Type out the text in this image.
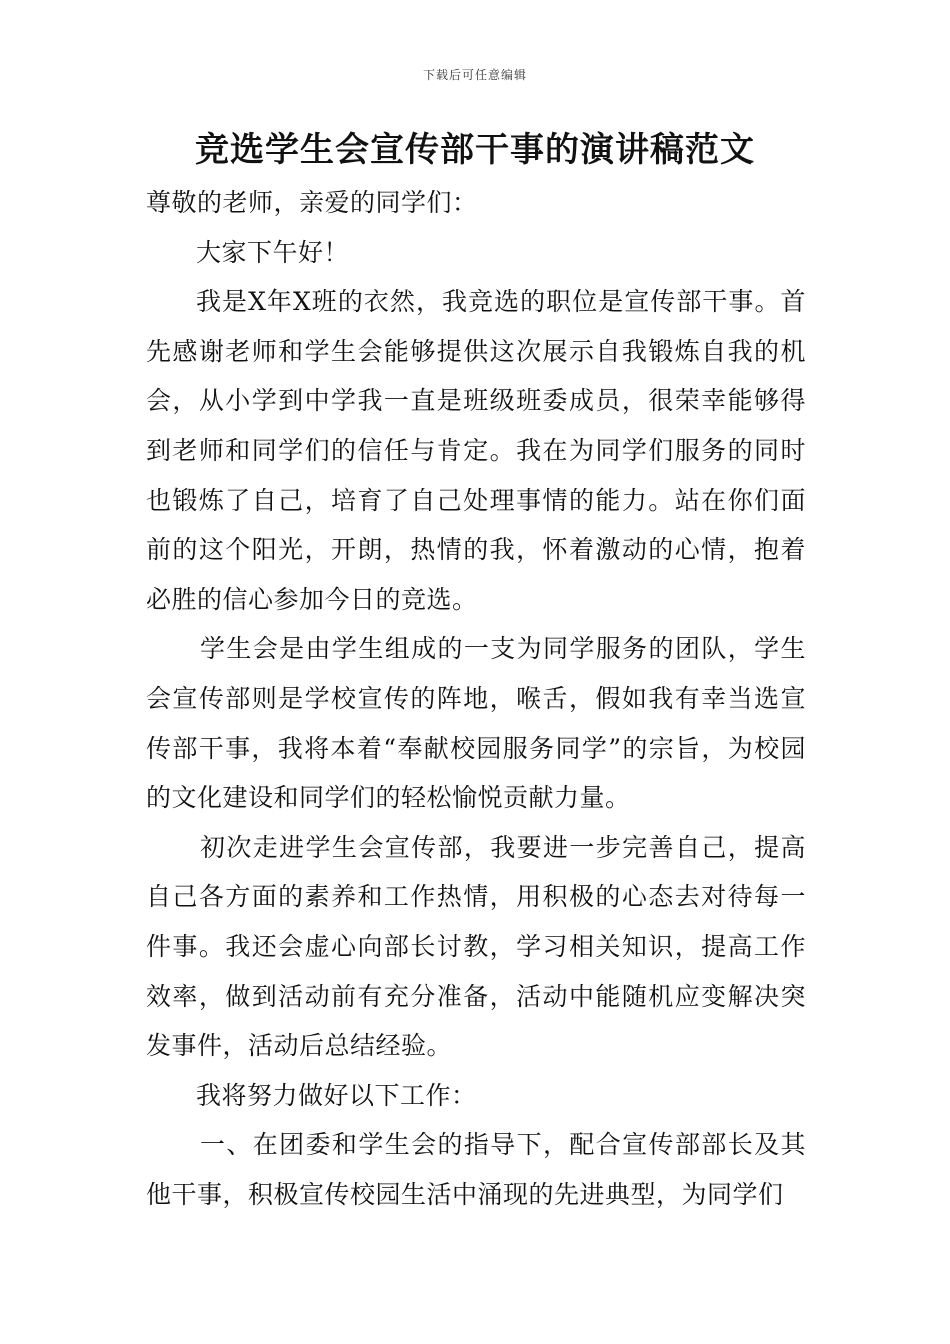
下载后可任意编辑
竞选学生会宣传部干事的演讲稿范文

尊敬的老师，亲爱的同学们：

大家下午好！

我是X年X班的衣然，我竞选的职位是宣传部干事。首先感谢老师和学生会能够提供这次展示自我锻炼自我的机会，从小学到中学我一直是班级班委成员，很荣幸能够得到老师和同学们的信任与肯定。我在为同学们服务的同时也锻炼了自己，培育了自己处理事情的能力。站在你们面前的这个阳光，开朗，热情的我，怀着激动的心情，抱着必胜的信心参加今日的竞选。

学生会是由学生组成的一支为同学服务的团队，学生会宣传部则是学校宣传的阵地，喉舌，假如我有幸当选宣传部干事，我将本着“奉献校园服务同学”的宗旨，为校园的文化建设和同学们的轻松愉悦贡献力量。

初次走进学生会宣传部，我要进一步完善自己，提高自己各方面的素养和工作热情，用积极的心态去对待每一件事。我还会虚心向部长讨教，学习相关知识，提高工作效率，做到活动前有充分准备，活动中能随机应变解决突发事件，活动后总结经验。

我将努力做好以下工作：

一、在团委和学生会的指导下，配合宣传部部长及其他干事，积极宣传校园生活中涌现的先进典型，为同学们
